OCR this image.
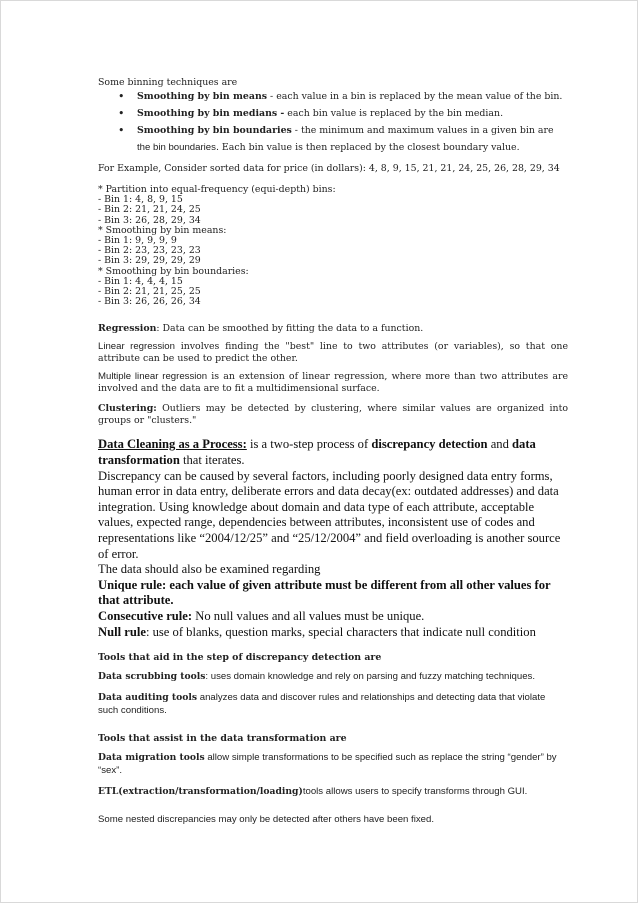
Some binning techniques are

• Smoothing by bin means - each value in a bin is replaced by the mean value of the bin.
• Smoothing by bin medians - each bin value is replaced by the bin median.
• Smoothing by bin boundaries - the minimum and maximum values in a given bin are
the bin boundaries. Each bin value is then replaced by the closest boundary value.

For Example, Consider sorted data for price (in dollars): 4, 8, 9, 15, 21, 21, 24, 25, 26, 28, 29, 34

* Partition into equal-frequency (equi-depth) bins:
- Bin 1: 4, 8, 9, 15
- Bin 2: 21, 21, 24, 25
- Bin 3: 26, 28, 29, 34
* Smoothing by bin means:
- Bin 1: 9, 9, 9, 9
- Bin 2: 23, 23, 23, 23
- Bin 3: 29, 29, 29, 29
* Smoothing by bin boundaries:
- Bin 1: 4, 4, 4, 15
- Bin 2: 21, 21, 25, 25
- Bin 3: 26, 26, 26, 34

Regression: Data can be smoothed by fitting the data to a function.

Linear regression involves finding the "best" line to two attributes (or variables), so that one attribute can be used to predict the other.

Multiple linear regression is an extension of linear regression, where more than two attributes are involved and the data are to fit a multidimensional surface.

Clustering: Outliers may be detected by clustering, where similar values are organized into groups or "clusters."

Data Cleaning as a Process: is a two-step process of discrepancy detection and data transformation that iterates.

Discrepancy can be caused by several factors, including poorly designed data entry forms, human error in data entry, deliberate errors and data decay(ex: outdated addresses) and data integration. Using knowledge about domain and data type of each attribute, acceptable values, expected range, dependencies between attributes, inconsistent use of codes and representations like “2004/12/25” and “25/12/2004” and field overloading is another source of error.

The data should also be examined regarding

Unique rule: each value of given attribute must be different from all other values for that attribute.

Consecutive rule: No null values and all values must be unique.

Null rule: use of blanks, question marks, special characters that indicate null condition

Tools that aid in the step of discrepancy detection are

Data scrubbing tools: uses domain knowledge and rely on parsing and fuzzy matching techniques.

Data auditing tools analyzes data and discover rules and relationships and detecting data that violate such conditions.

Tools that assist in the data transformation are

Data migration tools allow simple transformations to be specified such as replace the string “gender” by “sex”.

ETL(extraction/transformation/loading)tools allows users to specify transforms through GUI.

Some nested discrepancies may only be detected after others have been fixed.
